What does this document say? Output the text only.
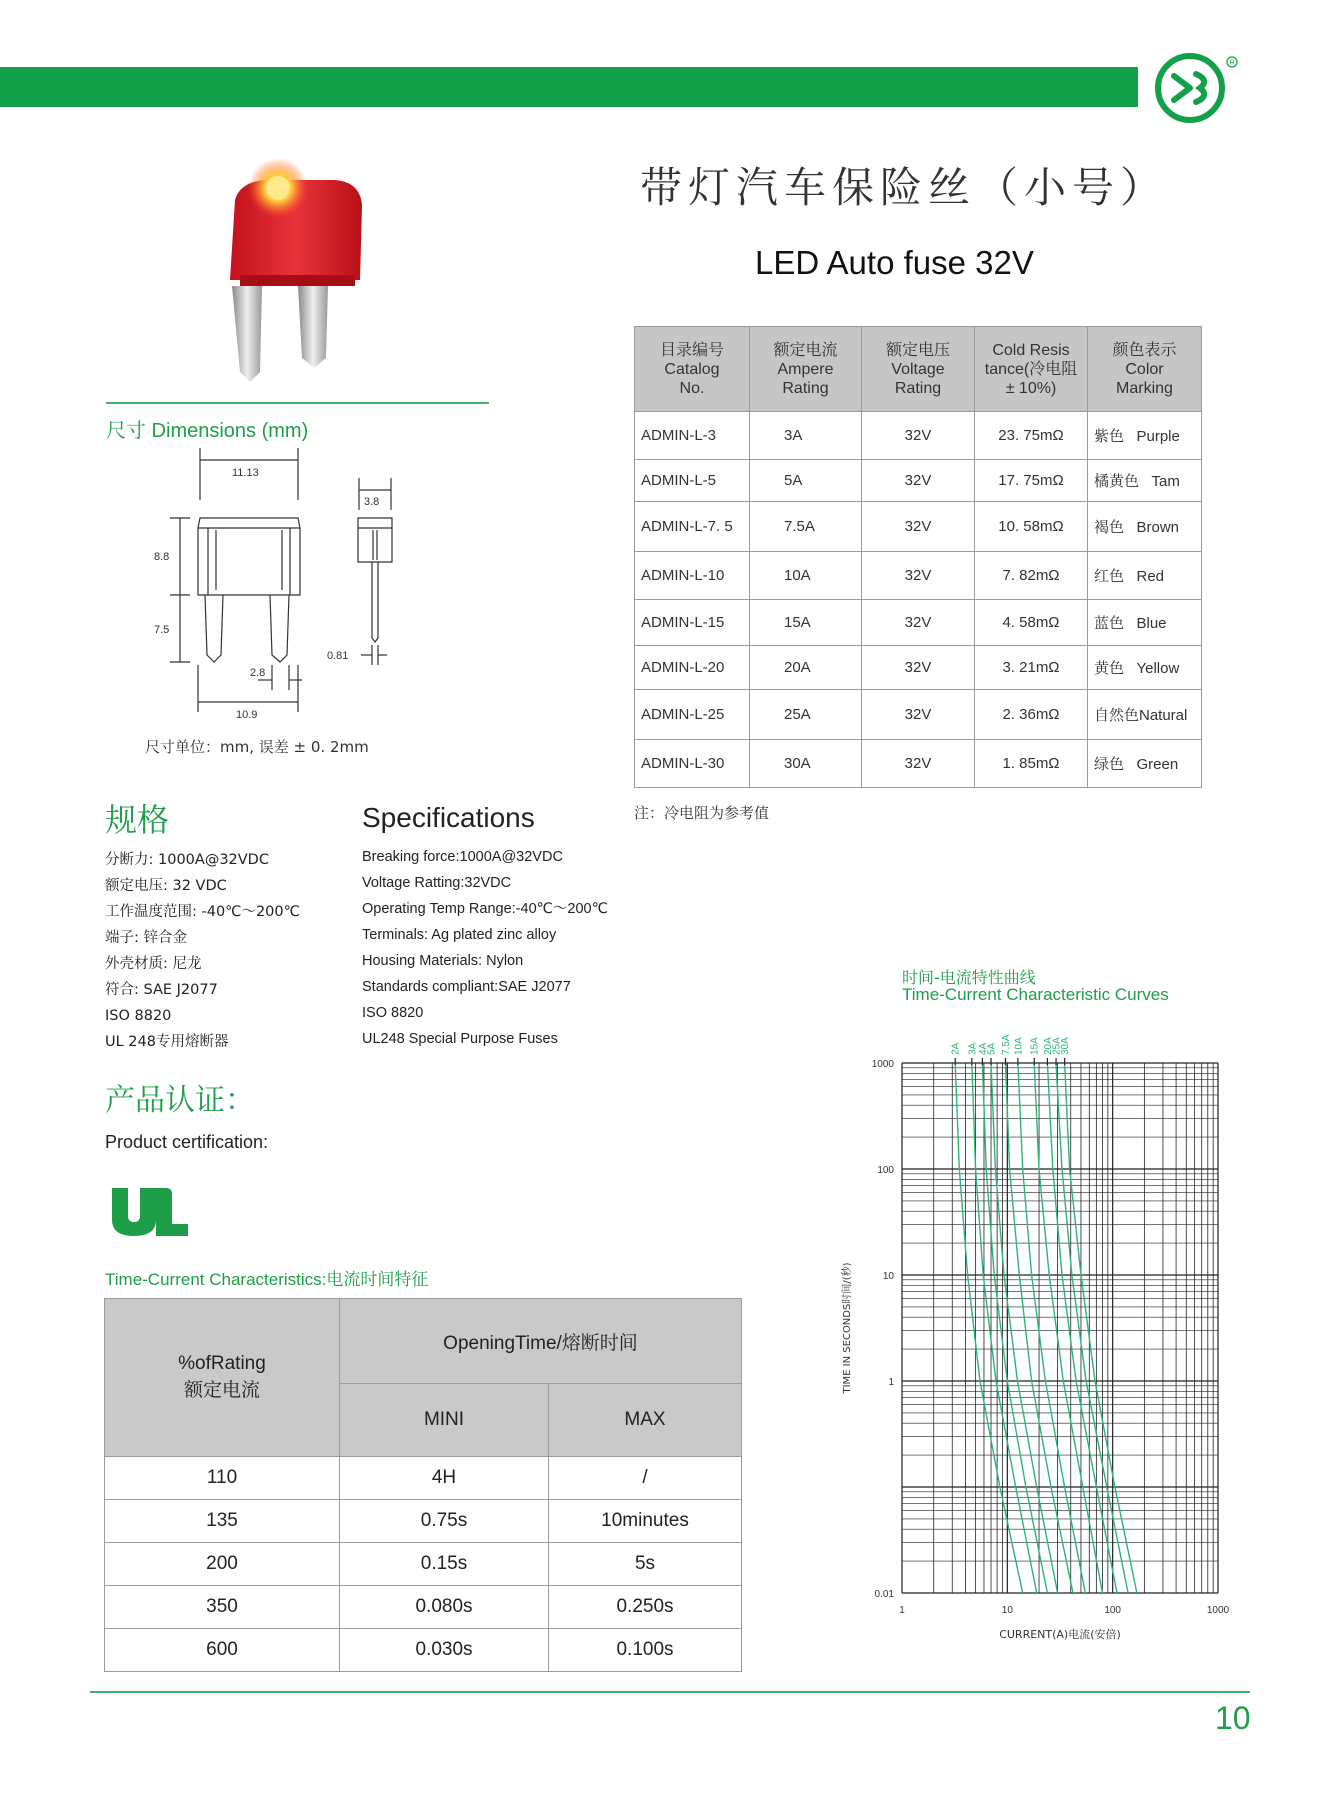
R
带灯汽车保险丝（小号）
LED Auto fuse 32V
尺寸 Dimensions (mm)
11.13
8.8
7.5
2.8
10.9
3.8
0.81
尺寸单位：mm, 误差 ± 0. 2mm
目录编号
Catalog
No.	额定电流
Ampere
Rating	额定电压
Voltage
Rating	Cold Resis
tance(冷电阻
± 10%)	颜色表示
Color
Marking
ADMIN-L-3	3A	32V	23. 75mΩ	紫色   Purple
ADMIN-L-5	5A	32V	17. 75mΩ	橘黄色   Tam
ADMIN-L-7. 5	7.5A	32V	10. 58mΩ	褐色   Brown
ADMIN-L-10	10A	32V	7. 82mΩ	红色   Red
ADMIN-L-15	15A	32V	4. 58mΩ	蓝色   Blue
ADMIN-L-20	20A	32V	3. 21mΩ	黄色   Yellow
ADMIN-L-25	25A	32V	2. 36mΩ	自然色Natural
ADMIN-L-30	30A	32V	1. 85mΩ	绿色   Green
注：冷电阻为参考值
规格	Specifications
分断力: 1000A@32VDC
额定电压: 32 VDC
工作温度范围: -40℃～200℃
端子: 锌合金
外壳材质: 尼龙
符合: SAE J2077
ISO 8820
UL 248专用熔断器
Breaking force:1000A@32VDC
Voltage Ratting:32VDC
Operating Temp Range:-40℃～200℃
Terminals: Ag plated zinc alloy
Housing Materials: Nylon
Standards compliant:SAE J2077
ISO 8820
UL248 Special Purpose Fuses
产品认证：
Product certification:
Time-Current Characteristics:电流时间特征
%ofRating
额定电流	OpeningTime/熔断时间	
	MINI	MAX
110	4H	/
135	0.75s	10minutes
200	0.15s	5s
350	0.080s	0.250s
600	0.030s	0.100s
时间-电流特性曲线
Time-Current Characteristic Curves
1	10	100	1000
1000
100
10
1
0.01
CURRENT(A)电流(安倍)
TIME IN SECONDS时间/(秒)
2A 3A 4A
5A 7.5A 10A 15A 20A
25A
30A
10
